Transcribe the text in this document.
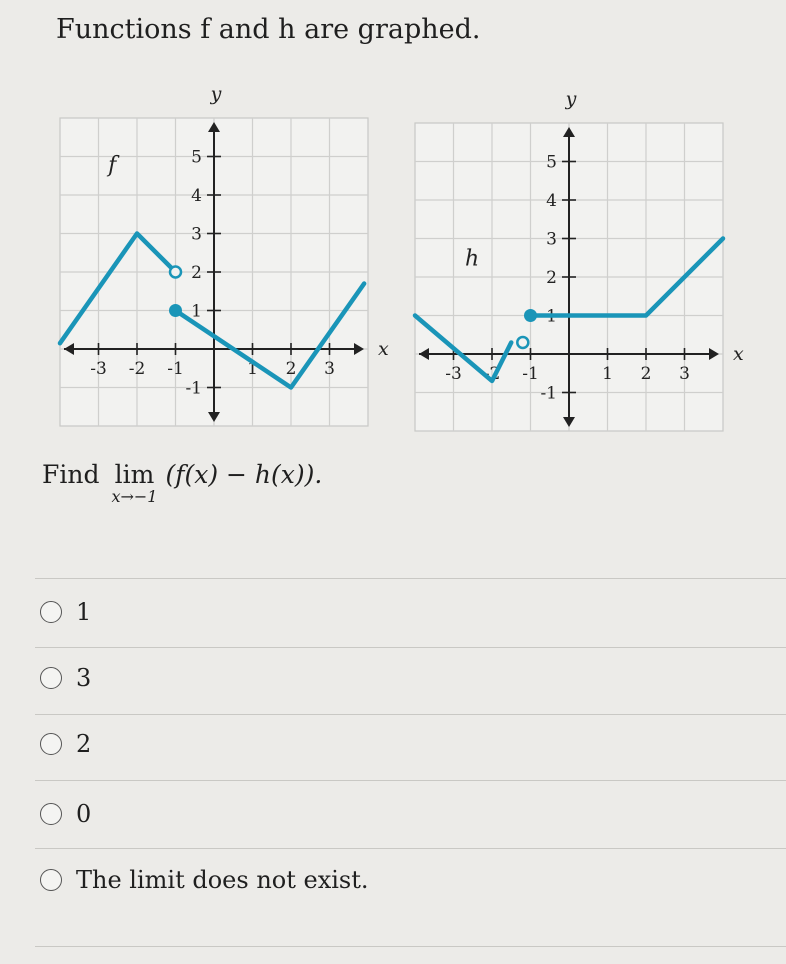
Functions f and h are graphed.
-3 -2 -1	1 2 3
-1
1
2
3
4
5
y
x
f
-3 -2 -1	1 2 3
-1
1
2
3
4
5
y
x
h
Find lim
x→−1
(f(x) − h(x)).
1
3
2
0
The limit does not exist.
